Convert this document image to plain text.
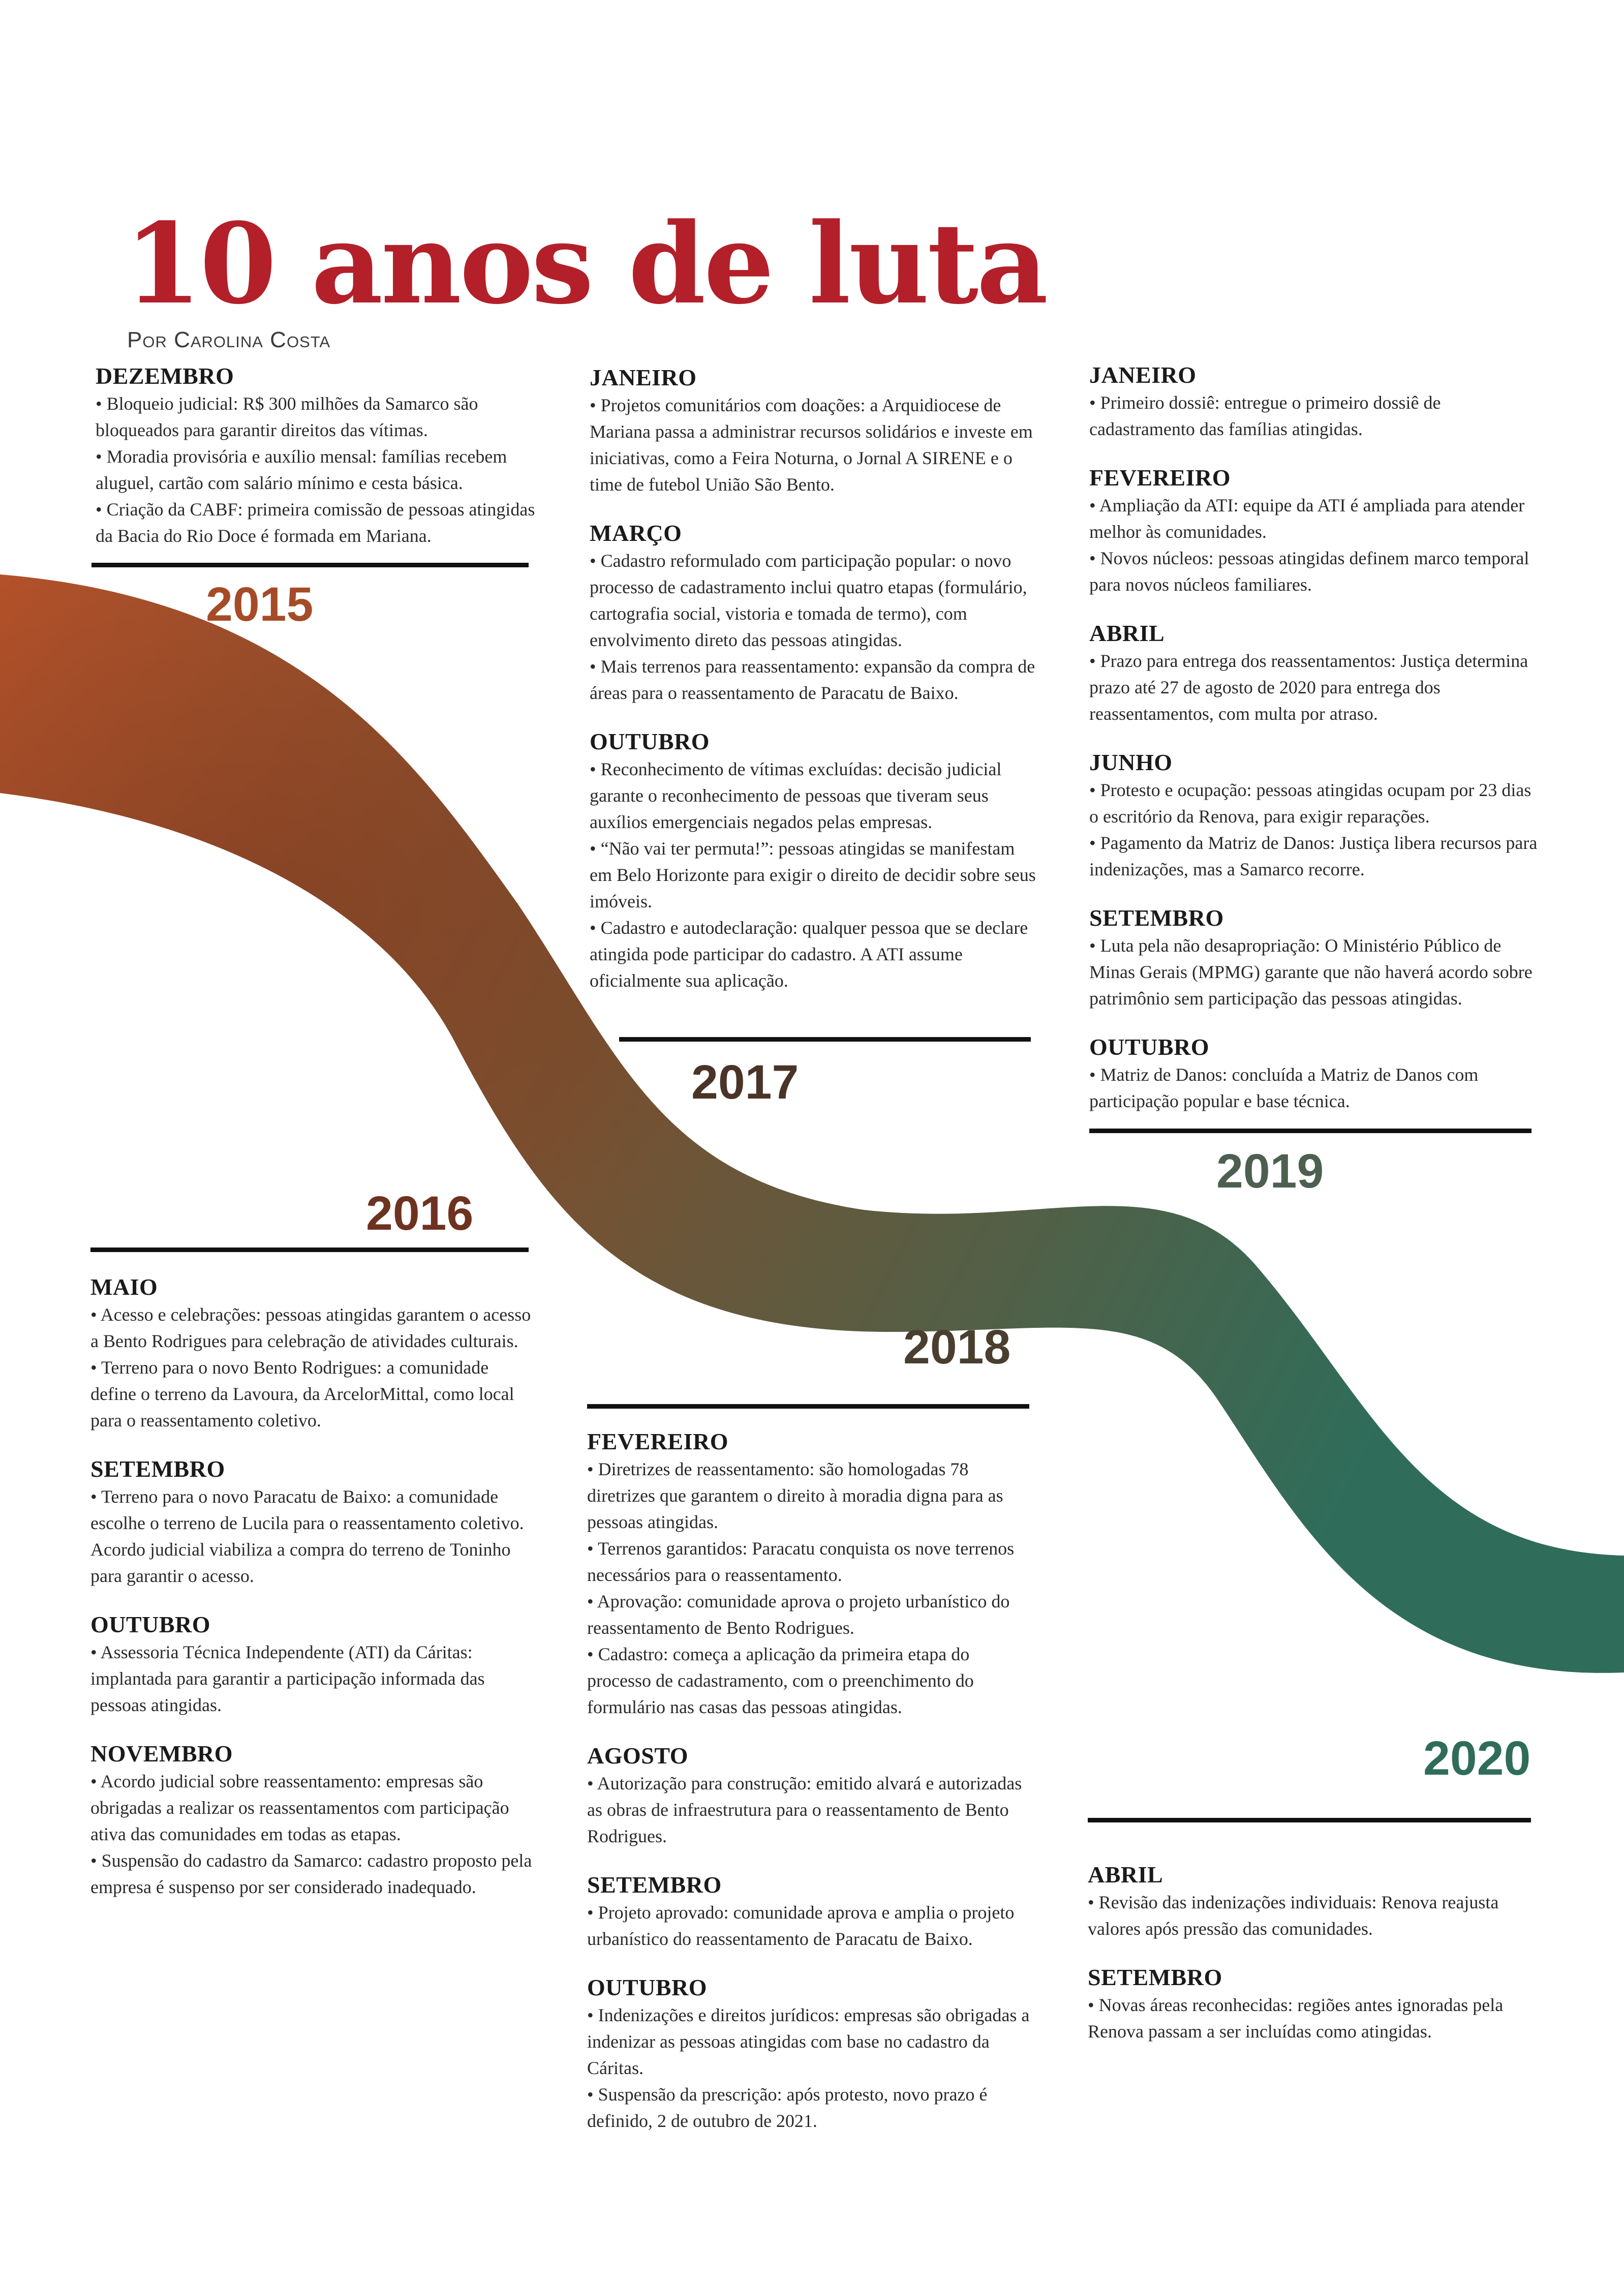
10 anos de luta
Por Carolina Costa
DEZEMBRO

• Bloqueio judicial: R$ 300 milhões da Samarco são bloqueados para garantir direitos das vítimas.

• Moradia provisória e auxílio mensal: famílias recebem aluguel, cartão com salário mínimo e cesta básica.

• Criação da CABF: primeira comissão de pessoas atingidas da Bacia do Rio Doce é formada em Mariana.

2015
JANEIRO

• Projetos comunitários com doações: a Arquidiocese de Mariana passa a administrar recursos solidários e investe em iniciativas, como a Feira Noturna, o Jornal A SIRENE e o time de futebol União São Bento.

MARÇO

• Cadastro reformulado com participação popular: o novo processo de cadastramento inclui quatro etapas (formulário, cartografia social, vistoria e tomada de termo), com envolvimento direto das pessoas atingidas.

• Mais terrenos para reassentamento: expansão da compra de áreas para o reassentamento de Paracatu de Baixo.

OUTUBRO

• Reconhecimento de vítimas excluídas: decisão judicial garante o reconhecimento de pessoas que tiveram seus auxílios emergenciais negados pelas empresas.

• “Não vai ter permuta!”: pessoas atingidas se manifestam em Belo Horizonte para exigir o direito de decidir sobre seus imóveis.

• Cadastro e autodeclaração: qualquer pessoa que se declare atingida pode participar do cadastro. A ATI assume oficialmente sua aplicação.

2017
JANEIRO

• Primeiro dossiê: entregue o primeiro dossiê de cadastramento das famílias atingidas.

FEVEREIRO

• Ampliação da ATI: equipe da ATI é ampliada para atender melhor às comunidades.

• Novos núcleos: pessoas atingidas definem marco temporal para novos núcleos familiares.

ABRIL

• Prazo para entrega dos reassentamentos: Justiça determina prazo até 27 de agosto de 2020 para entrega dos reassentamentos, com multa por atraso.

JUNHO

• Protesto e ocupação: pessoas atingidas ocupam por 23 dias o escritório da Renova, para exigir reparações.

• Pagamento da Matriz de Danos: Justiça libera recursos para indenizações, mas a Samarco recorre.

SETEMBRO

• Luta pela não desapropriação: O Ministério Público de Minas Gerais (MPMG) garante que não haverá acordo sobre patrimônio sem participação das pessoas atingidas.

OUTUBRO

• Matriz de Danos: concluída a Matriz de Danos com participação popular e base técnica.

2019
2016
MAIO

• Acesso e celebrações: pessoas atingidas garantem o acesso a Bento Rodrigues para celebração de atividades culturais.

• Terreno para o novo Bento Rodrigues: a comunidade define o terreno da Lavoura, da ArcelorMittal, como local para o reassentamento coletivo.

SETEMBRO

• Terreno para o novo Paracatu de Baixo: a comunidade escolhe o terreno de Lucila para o reassentamento coletivo. Acordo judicial viabiliza a compra do terreno de Toninho para garantir o acesso.

OUTUBRO

• Assessoria Técnica Independente (ATI) da Cáritas: implantada para garantir a participação informada das pessoas atingidas.

NOVEMBRO

• Acordo judicial sobre reassentamento: empresas são obrigadas a realizar os reassentamentos com participação ativa das comunidades em todas as etapas.

• Suspensão do cadastro da Samarco: cadastro proposto pela empresa é suspenso por ser considerado inadequado.

2018
FEVEREIRO

• Diretrizes de reassentamento: são homologadas 78 diretrizes que garantem o direito à moradia digna para as pessoas atingidas.

• Terrenos garantidos: Paracatu conquista os nove terrenos necessários para o reassentamento.

• Aprovação: comunidade aprova o projeto urbanístico do reassentamento de Bento Rodrigues.

• Cadastro: começa a aplicação da primeira etapa do processo de cadastramento, com o preenchimento do formulário nas casas das pessoas atingidas.

AGOSTO

• Autorização para construção: emitido alvará e autorizadas as obras de infraestrutura para o reassentamento de Bento Rodrigues.

SETEMBRO

• Projeto aprovado: comunidade aprova e amplia o projeto urbanístico do reassentamento de Paracatu de Baixo.

OUTUBRO

• Indenizações e direitos jurídicos: empresas são obrigadas a indenizar as pessoas atingidas com base no cadastro da Cáritas.

• Suspensão da prescrição: após protesto, novo prazo é definido, 2 de outubro de 2021.

2020
ABRIL

• Revisão das indenizações individuais: Renova reajusta valores após pressão das comunidades.

SETEMBRO

• Novas áreas reconhecidas: regiões antes ignoradas pela Renova passam a ser incluídas como atingidas.
